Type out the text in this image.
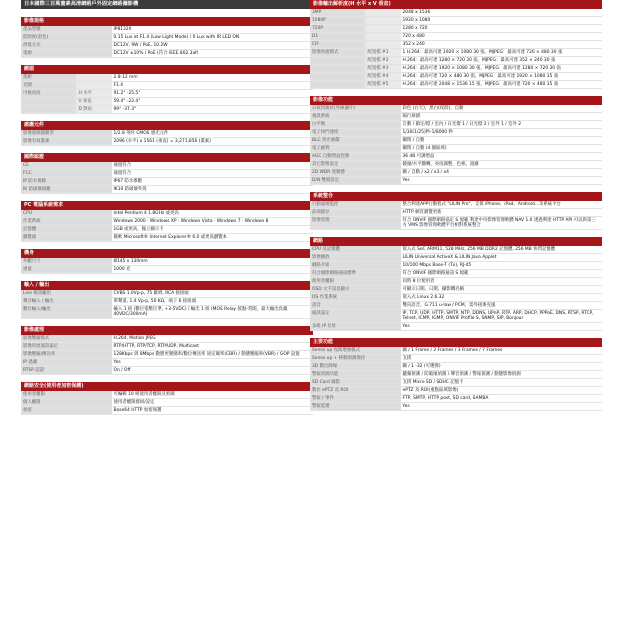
日本國際三百萬畫素高清網路戶外固定網路攝影機
影像規格
產品型號	IP8132X
低照度(彩色)	0.15 Lux at F1.4 (Low Light Mode) / 0 Lux with IR LED ON
供電方式	DC12V, 9W / PoE, 10.2W
電源	DC12V ±10% / PoE (符合 IEEE 802.3af)
鏡頭
焦距		2.8-12 mm
光圈		F1.4
可視角度	H 水平	91.2° -25.5°
	V 垂直	59.4° -22.4°
	D 對角	99° -37.3°
感應元件
影像感測器類型	1/2.8 英吋 CMOS 感光元件
影像有效畫素	2096 (水平) x 1561 (垂直) = 3,271,856 (畫素)
國際認證
CE	通過符合
FCC	通過符合
IP 防水規範	IP67 防水係數
IK 防破壞規範	IK10 防破壞外殼
PC 電腦系統需求
CPU	Intel Pentium 4 1.8GHz 或更高
作業系統	Windows 2000 · Windows XP · Windows Vista · Windows 7 · Windows 8
記憶體	1GB 或更高，獨立顯示卡
瀏覽器	微軟 Microsoft® Internet Explorer® 6.0 或更高瀏覽本
機身
外觀尺寸	Ø145 x 130mm
重量	1000 克
輸入 / 輸出
Live 視訊輸出	CVBS 1.0Vp-p, 75 歐姆, RCA 接接頭
聲音輸入 / 輸出	單聲道, 1.4 Vp-p, 50 KΩ，端子 6 接接頭
數位輸入/輸出	輸入 1 組 (數位電壓位準, +3-5VDC) / 輸出 1 組 (MOS Relay 接點-常開，最大輸出負載 40VDC/300mA)
影像處理
影像壓縮模式	H.264, Motion JPEG
影像串流通訊協定	RTP/HTTP, RTP/TCP, RTP/UDP, Multicast
影像壓縮/傳送率	128Kbps 到 8Mbps 動態更變碼率/數位傳送率 固定碼率(CBR) / 動態壓縮率(VBR) / GOP 設置
IP 過濾	Yes
RTSP 認證	On / Off
網路安全(使用者加密保護)
使用者權限	可編輯 10 組使用者權限及密碼
個人權限	使用者權限群組/設定
加密	Base64 HTTP 加密保護
影像輸出解析度(H 水平 x V 垂直)
3MP		2048 x 1536
1080P		1920 x 1080
720P		1280 x 720
D1		720 x 480
CIF		352 x 240
影像串流模式	配置檔 #1	1 H.264：最高可達 1920 × 1080 30 張，MJPEG：最高可達 720 × 480 30 張
	配置檔 #2	H.264：最高可達 1280 × 720 30 張，MJPEG：最高可達 352 × 240 30 張
	配置檔 #3	H.264：最高可達 1920 × 1080 30 張，MJPEG：最高可達 1280 × 720 30 張
	配置檔 #4	H.264：最高可達 720 × 480 30 張，MJPEG：最高可達 1920 × 1080 15 張
	配置檔 #5	H.264：最高可達 2048 × 1536 15 張，MJPEG：最高可達 720 × 480 15 張
影像功能
日夜切換(紅外線濾片)	彩色 (白天)，黑白(夜間)，自動
視訊系統	隔行掃描
白平衡	自動 / 鎖定/燈 / 室內 / 日光燈 1 / 日光燈 2 / 室外 1 / 室外 2
電子快門速度	1/30(1/25)秒-1/8000 秒
BLC 背光補償	關閉 / 自動
電子銳利	關閉 / 自動 (4 個區域)
AGC 自動增益控制	36 dB 可調增益
其它影像設定	鏡頭/水平翻轉，亮度調整，色相，過濾
2D WDR 寬動態	關 / 自動 / x2 / x3 / x4
D/N 雙層設定	Yes
系統整合
行動遠端監控	整合利達APP行動程式 "LILIN Pro"，支援 iPhone、iPad、Android...等系統平台
前端儲存	HTTP 網頁瀏覽更新
影像管理	符合 ONVIF 國際網路協定 S 規範 利達中央影像管理軟體 NAV 1.0 透過利達 HTTP API 可以與第三方 VMS 影像管理軟體平台相對系統整合
網路
CPU 及記憶體	嵌入式 SoC ARM11, 528 MHz, 256 MB DDR2 記憶體, 256 MB 快閃記憶體
影像播放	LILIN Universal ActiveX & LILIN Java Applet
網路介面	10/100 Mbps Base-T (Tx), RJ-45
符合國際網路通訊標準	符合 ONVIF 國際網路通訊 S 規範
使用者權限	同時 8 位使用者
OSD 文字訊息顯示	可顯示日期、日期、攝影機名稱
OS 作業系統	嵌入式 Linux 2.6.32
語音	雙向語音，G.711 u-law / PCM，需外接麥克風
通訊協定	IP, TCP, UDP, HTTP, SMTP, NTP, DDNS, UPnP, RTP, ARP, DHCP, PPPoE, DNS, RTSP, RTCP, Telnet, ICMP, IGMP, ONVIF Profile S, SNMP, SIP, Bonjour
多組 IP 位址	Yes
主要功能
Sense up 夜間增強模式	關 / 1 Frame / 2 Frames / 3 Frames / 7 Frames
Sense up + 移動偵測保持	支援
3D 數位降噪	關 / 1 -32 (可選擇)
警報偵測功能	聽頻偵測 / 防破壞偵測 / 聲音偵測 / 警報偵測 / 動態影像偵測
SD Card 錄影	支援 Micro SD / SDHC 記憶卡
數位 ePTZ 及 ROI	ePTZ 及 ROI(重點區域影像)
警報 / 事件	FTP, SMTP, HTTP post, SD card, SAMBA
警報延遲	Yes
